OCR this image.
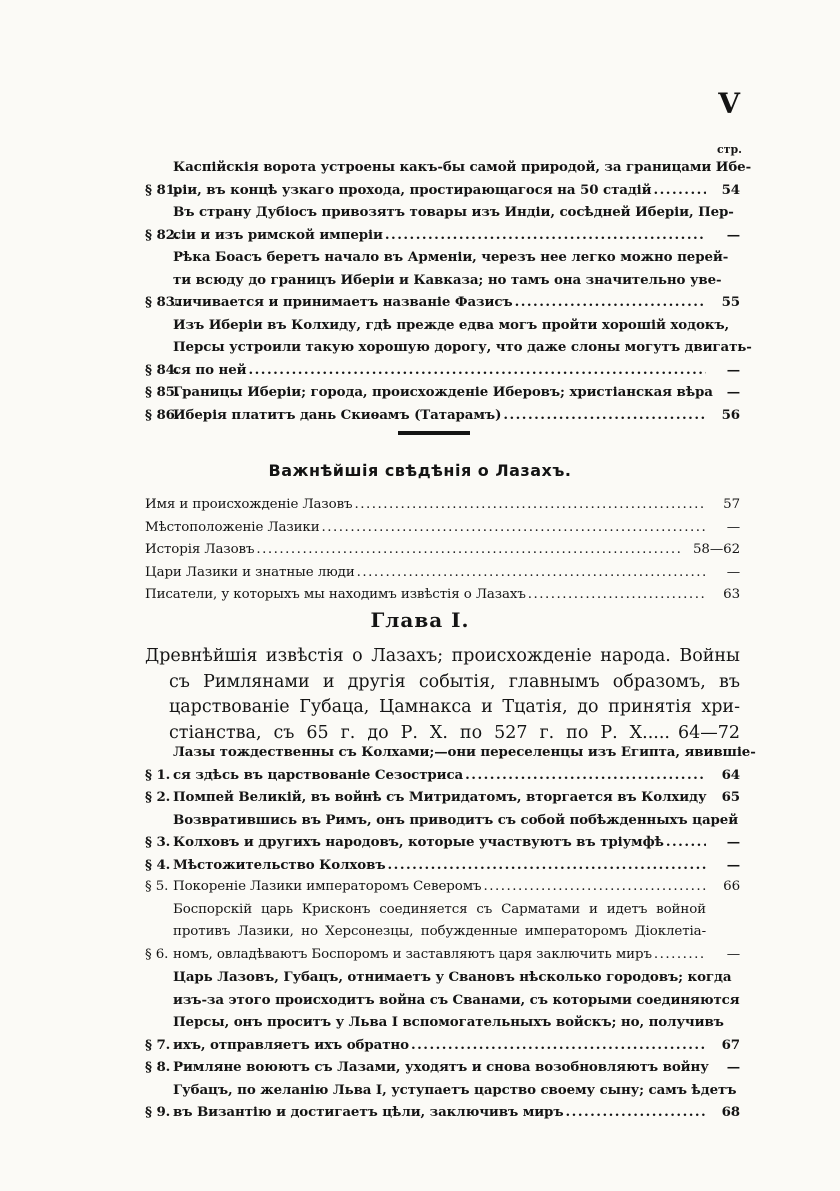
V
стр.
§ 81.
Каспійскія ворота устроены какъ-бы самой природой, за границами Ибе-
ріи, въ концѣ узкаго прохода, простирающагося на 50 стадій .....	54
§ 82.
Въ страну Дубіосъ привозятъ товары изъ Индіи, сосѣдней Иберіи, Пер-
сіи и изъ римской имперіи .....	—
§ 83.
Рѣка Боасъ беретъ начало въ Арменіи, черезъ нее легко можно перей-
ти всюду до границъ Иберіи и Кавказа; но тамъ она значительно уве-
личивается и принимаетъ названіе Фазисъ .....	55
§ 84.
Изъ Иберіи въ Колхиду, гдѣ прежде едва могъ пройти хорошій ходокъ,
Персы устроили такую хорошую дорогу, что даже слоны могутъ двигать-
ся по ней .....	—
§ 85.
Границы Иберіи; города, происхожденіе Иберовъ; христіанская вѣра	—
§ 86.
Иберія платитъ дань Скиѳамъ (Татарамъ) .....	56
Важнѣйшія свѣдѣнія о Лазахъ.
Имя и происхожденіе Лазовъ .....	57
Мѣстоположеніе Лазики .....	—
Исторія Лазовъ .....	58—62
Цари Лазики и знатные люди .....	—
Писатели, у которыхъ мы находимъ извѣстія о Лазахъ .....	63
Глава I.
Древнѣйшія извѣстія о Лазахъ; происхожденіе народа. Войны
съ Римлянами и другія событія, главнымъ образомъ, въ
царствованіе Губаца, Цамнакса и Тцатія, до принятія хри-
стіанства, съ 65 г. до Р. Х. по 527 г. по Р. Х..... 64—72
§ 1.
Лазы тождественны съ Колхами;—они переселенцы изъ Египта, явившіе-
ся здѣсь въ царствованіе Сезостриса .....	64
§ 2. Помпей Великій, въ войнѣ съ Митридатомъ, вторгается въ Колхиду	65
§ 3.
Возвратившись въ Римъ, онъ приводитъ съ собой побѣжденныхъ царей
Колховъ и другихъ народовъ, которые участвуютъ въ тріумфѣ .....	—
§ 4. Мѣстожительство Колховъ .....	—
§ 5. Покореніе Лазики императоромъ Северомъ .....	66
§ 6.
Боспорскій царь Крисконъ соединяется съ Сарматами и идетъ войной
противъ Лазики, но Херсонезцы, побужденные императоромъ Діоклетіа-
номъ, овладѣваютъ Боспоромъ и заставляютъ царя заключить миръ .....	—
§ 7.
Царь Лазовъ, Губацъ, отнимаетъ у Свановъ нѣсколько городовъ; когда
изъ-за этого происходитъ война съ Сванами, съ которыми соединяются
Персы, онъ проситъ у Льва I вспомогательныхъ войскъ; но, получивъ
ихъ, отправляетъ ихъ обратно .....	67
§ 8. Римляне воюютъ съ Лазами, уходятъ и снова возобновляютъ войну	—
§ 9.
Губацъ, по желанію Льва I, уступаетъ царство своему сыну; самъ ѣдетъ
въ Византію и достигаетъ цѣли, заключивъ миръ .....	68
